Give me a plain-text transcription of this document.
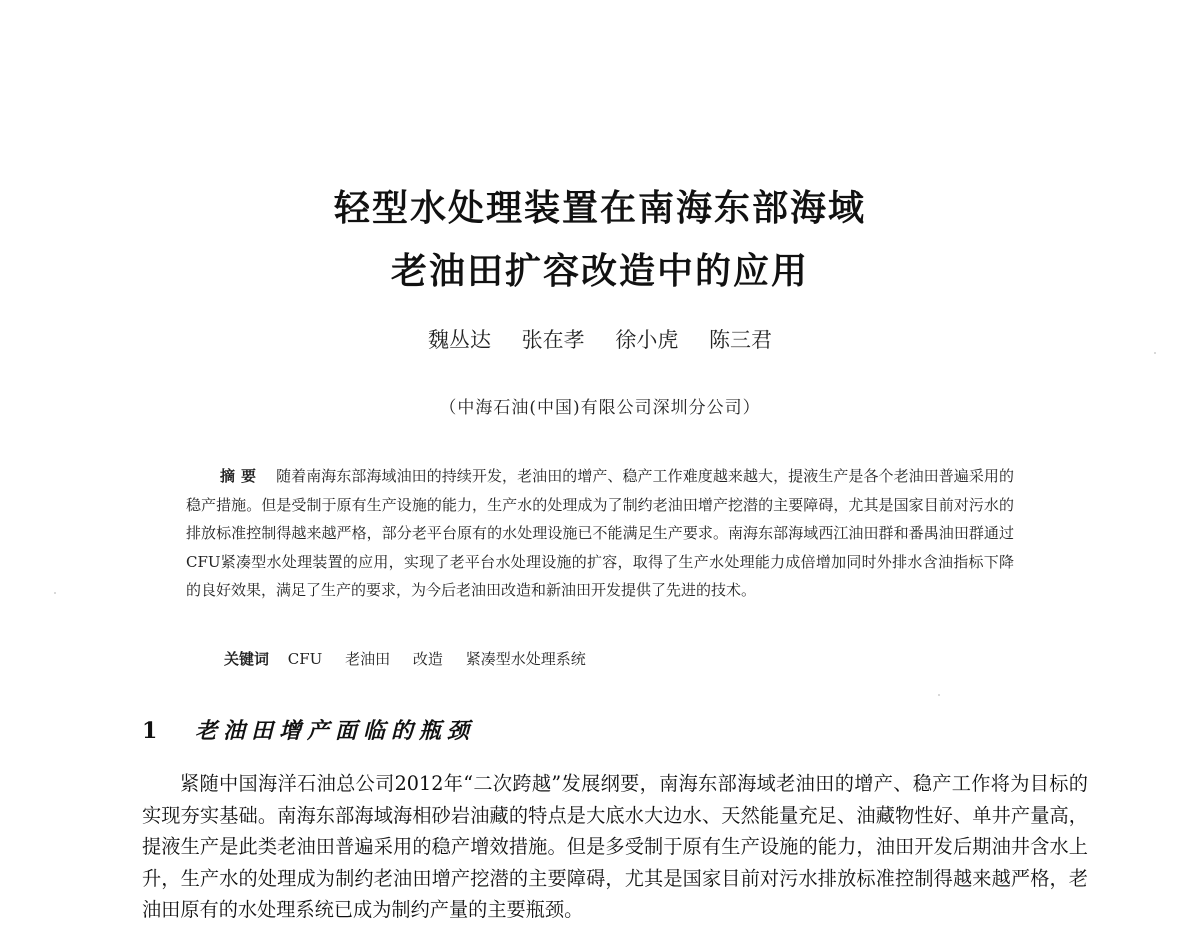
轻型水处理装置在南海东部海域
老油田扩容改造中的应用
魏丛达 张在孝 徐小虎 陈三君
（中海石油(中国)有限公司深圳分公司）
摘要 随着南海东部海域油田的持续开发，老油田的增产、稳产工作难度越来越大，提液生产是各个老油田普遍采用的稳产措施。但是受制于原有生产设施的能力，生产水的处理成为了制约老油田增产挖潜的主要障碍，尤其是国家目前对污水的排放标准控制得越来越严格，部分老平台原有的水处理设施已不能满足生产要求。南海东部海域西江油田群和番禺油田群通过CFU紧凑型水处理装置的应用，实现了老平台水处理设施的扩容，取得了生产水处理能力成倍增加同时外排水含油指标下降的良好效果，满足了生产的要求，为今后老油田改造和新油田开发提供了先进的技术。
关键词 CFU 老油田 改造 紧凑型水处理系统
1 老油田增产面临的瓶颈
紧随中国海洋石油总公司2012年“二次跨越”发展纲要，南海东部海域老油田的增产、稳产工作将为目标的实现夯实基础。南海东部海域海相砂岩油藏的特点是大底水大边水、天然能量充足、油藏物性好、单井产量高，提液生产是此类老油田普遍采用的稳产增效措施。但是多受制于原有生产设施的能力，油田开发后期油井含水上升，生产水的处理成为制约老油田增产挖潜的主要障碍，尤其是国家目前对污水排放标准控制得越来越严格，老油田原有的水处理系统已成为制约产量的主要瓶颈。
